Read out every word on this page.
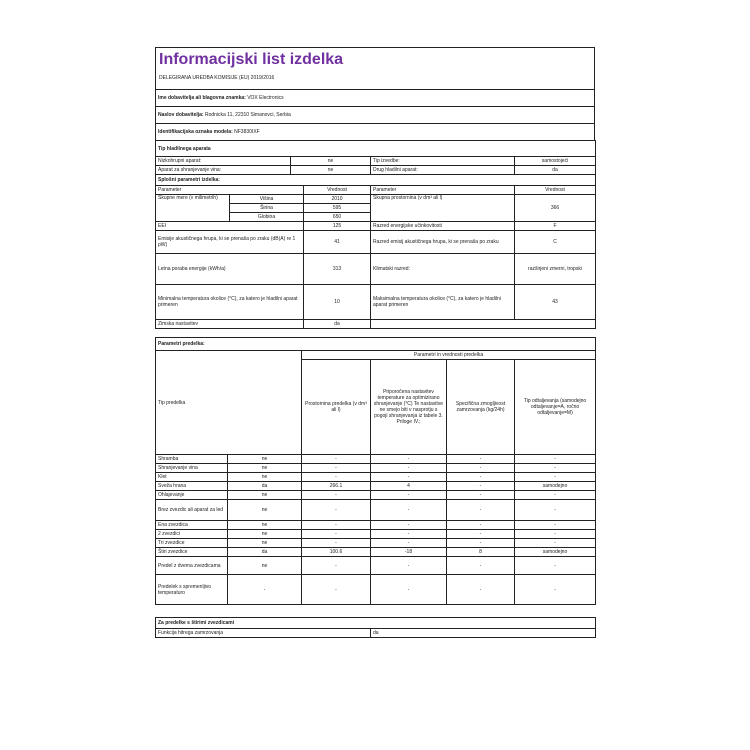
Informacijski list izdelka
DELEGIRANA UREDBA KOMISIJE (EU) 2019/2016
Ime dobavitelja ali blagovna znamka: VOX Electronics
Naslov dobavitelja: Rodnicka 11, 22310 Simanovci, Serbia
Identifikacijska oznaka modela: NF3830IXF
Tip hladilnega aparata			
Nizkohrupni aparat:	ne	Tip izvedbe:	samostojeći
Aparat za shranjevanje vina:	ne	Drug hladilni aparat:	da
Splošni parametri izdelka:				
Parameter		Vrednost	Parameter	Vrednost
Skupne mere (v milimetrih)	Višina	2010	Skupna prostornina (v dm³ ali l)	366
	Širina	595		
	Globina	650		
EEI		125	Razred energijske učinkovitosti	F
Emisije akustičnega hrupa, ki se prenaša po zraku (dB(A) re 1 pW)		41	Razred emisij akustičnega hrupa, ki se prenaša po zraku	C
Letna poraba energije (kWh/a)		313	Klimatski razred:	razširjeni zmerni, tropski
Minimalna temperatura okolice (°C), za katero je hladilni aparat primeren		10	Maksimalna temperatura okolice (°C), za katero je hladilni aparat primeren	43
Zimska nastavitev		da		
Parametri predelka:					
Tip predelka		Parametri in vrednosti predelka			
		Prostornina predelka (v dm³ ali l)	Priporočena nastavitev temperature za optimizirano shranjevanje (°C) Te nastavitve ne smejo biti v nasprotju s pogoji shranjevanja iz tabele 3. Priloge IV.;	Specifična zmogljivost zamrzovanja (kg/24h)	Tip odtaljevanja (samodejno odtaljevanje=A, ročno odtaljevanje=M)
Shramba	ne	-	-	-	-
Shranjevanje vina	ne	-	-	-	-
Klet	ne	-	-	-	-
Sveža hrana	da	266.1	4	-	samodejno
Ohlajevanje	ne	-	-	-	-
Brez zvezdic ali aparat za led	ne	-	-	-	-
Ena zvezdica	ne	-	-	-	-
2 zvezdici	ne	-	-	-	-
Tri zvezdice	ne	-	-	-	-
Štiri zvezdice	da	100.6	-18	8	samodejno
Predel z dvema zvezdicama	ne	-	-	-	-
Predelek s spremenljivo temperaturo	-	-	-	-	-
Za predelke s štirimi zvezdicami
Funkcija hitrega zamrzovanja	da
